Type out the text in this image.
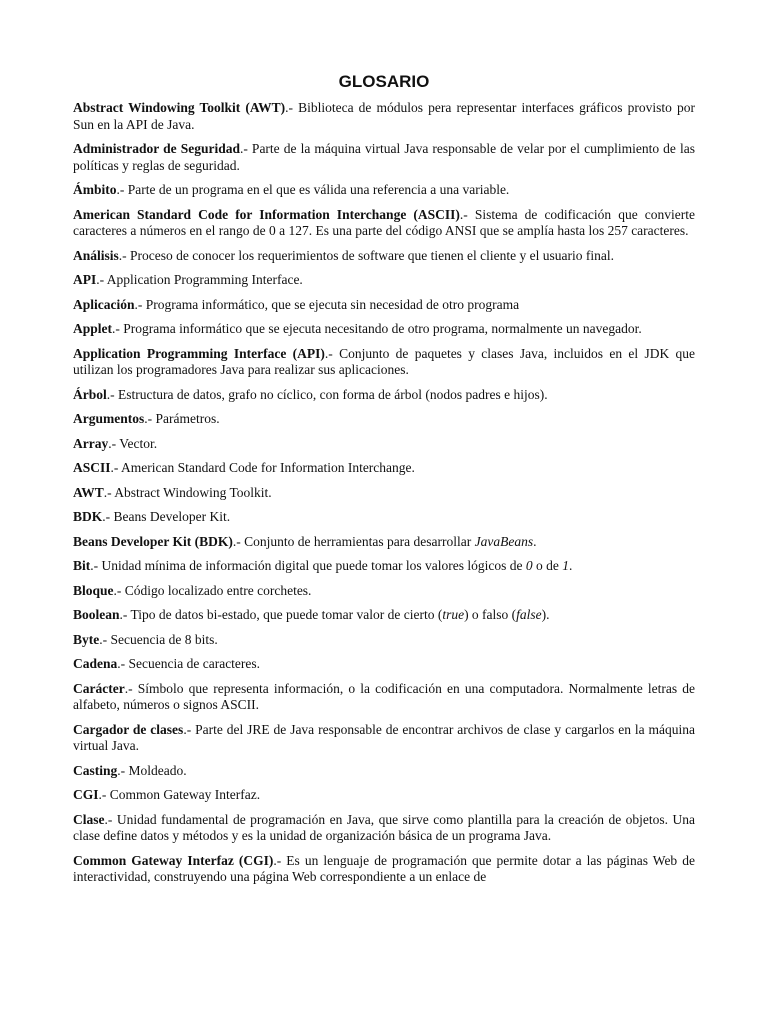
GLOSARIO
Abstract Windowing Toolkit (AWT).- Biblioteca de módulos pera representar interfaces gráficos provisto por Sun en la API de Java.
Administrador de Seguridad.- Parte de la máquina virtual Java responsable de velar por el cumplimiento de las políticas y reglas de seguridad.
Ámbito.- Parte de un programa en el que es válida una referencia a una variable.
American Standard Code for Information Interchange (ASCII).- Sistema de codificación que convierte caracteres a números en el rango de 0 a 127. Es una parte del código ANSI que se amplía hasta los 257 caracteres.
Análisis.- Proceso de conocer los requerimientos de software que tienen el cliente y el usuario final.
API.- Application Programming Interface.
Aplicación.- Programa informático, que se ejecuta sin necesidad de otro programa
Applet.- Programa informático que se ejecuta necesitando de otro programa, normalmente un navegador.
Application Programming Interface (API).- Conjunto de paquetes y clases Java, incluidos en el JDK que utilizan los programadores Java para realizar sus aplicaciones.
Árbol.- Estructura de datos, grafo no cíclico, con forma de árbol (nodos padres e hijos).
Argumentos.- Parámetros.
Array.- Vector.
ASCII.- American Standard Code for Information Interchange.
AWT.- Abstract Windowing Toolkit.
BDK.- Beans Developer Kit.
Beans Developer Kit (BDK).- Conjunto de herramientas para desarrollar JavaBeans.
Bit.- Unidad mínima de información digital que puede tomar los valores lógicos de 0 o de 1.
Bloque.- Código localizado entre corchetes.
Boolean.- Tipo de datos bi-estado, que puede tomar valor de cierto (true) o falso (false).
Byte.- Secuencia de 8 bits.
Cadena.- Secuencia de caracteres.
Carácter.- Símbolo que representa información, o la codificación en una computadora. Normalmente letras de alfabeto, números o signos ASCII.
Cargador de clases.- Parte del JRE de Java responsable de encontrar archivos de clase y cargarlos en la máquina virtual Java.
Casting.- Moldeado.
CGI.- Common Gateway Interfaz.
Clase.- Unidad fundamental de programación en Java, que sirve como plantilla para la creación de objetos. Una clase define datos y métodos y es la unidad de organización básica de un programa Java.
Common Gateway Interfaz (CGI).- Es un lenguaje de programación que permite dotar a las páginas Web de interactividad, construyendo una página Web correspondiente a un enlace de
